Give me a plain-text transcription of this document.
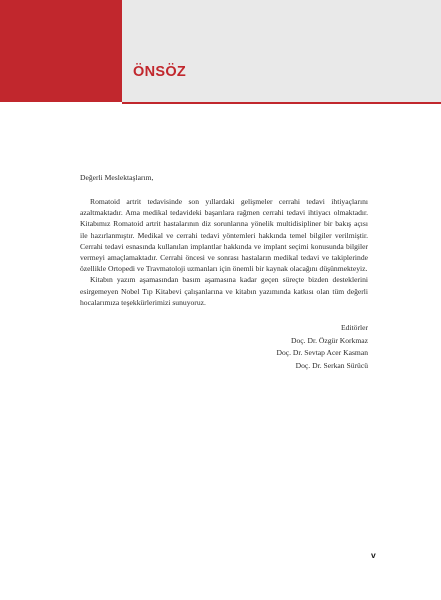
ÖNSÖZ

Değerli Meslektaşlarım,

Romatoid artrit tedavisinde son yıllardaki gelişmeler cerrahi tedavi ihtiyaçlarını azaltmaktadır. Ama medikal tedavideki başarılara rağmen cerrahi tedavi ihtiyacı olmaktadır. Kitabımız Romatoid artrit hastalarının diz sorunlarına yönelik multidisipliner bir bakış açısı ile hazırlanmıştır. Medikal ve cerrahi tedavi yöntemleri hakkında temel bilgiler verilmiştir. Cerrahi tedavi esnasında kullanılan implantlar hakkında ve implant seçimi konusunda bilgiler vermeyi amaçlamaktadır. Cerrahi öncesi ve sonrası hastaların medikal tedavi ve takiplerinde özellikle Ortopedi ve Travmatoloji uzmanları için önemli bir kaynak olacağını düşünmekteyiz.

Kitabın yazım aşamasından basım aşamasına kadar geçen süreçte bizden desteklerini esirgemeyen Nobel Tıp Kitabevi çalışanlarına ve kitabın yazımında katkısı olan tüm değerli hocalarımıza teşekkürlerimizi sunuyoruz.

Editörler
Doç. Dr. Özgür Korkmaz
Doç. Dr. Sevtap Acer Kasman
Doç. Dr. Serkan Sürücü
v
